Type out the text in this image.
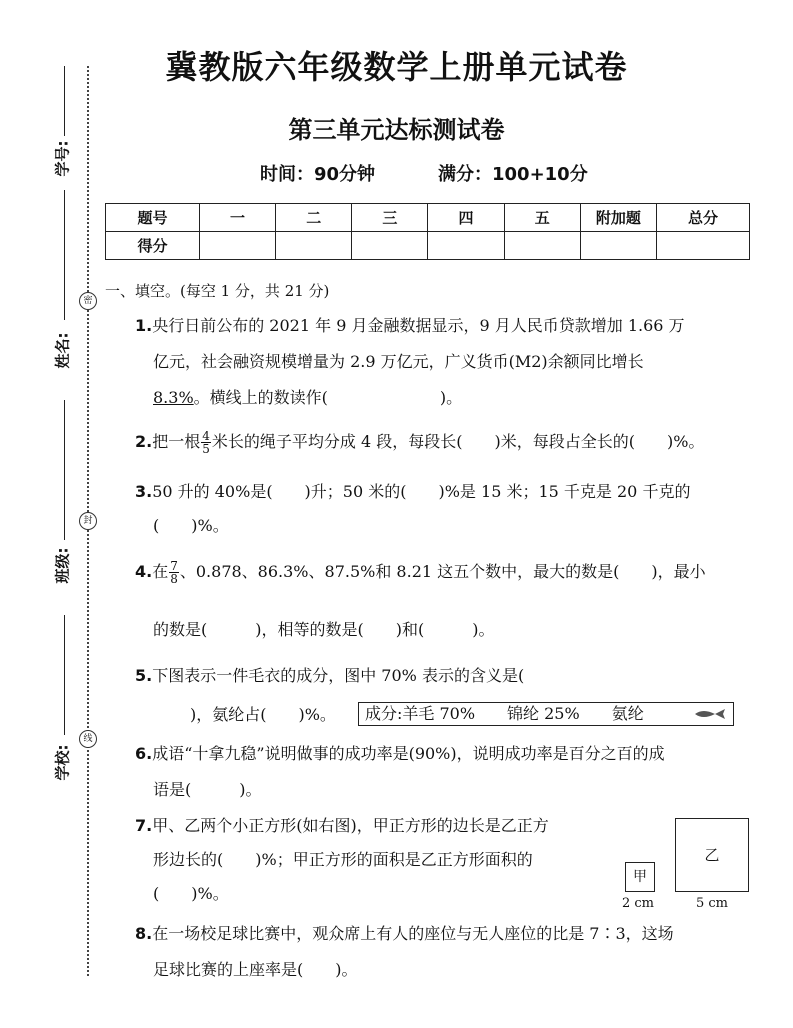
学号:
密
姓名:
封
班级:
线
学校:
冀教版六年级数学上册单元试卷
第三单元达标测试卷
时间：90分钟	满分：100+10分
题号	一	二	三	四	五	附加题	总分
得分							
一、填空。(每空 1 分，共 21 分)
1.央行日前公布的 2021 年 9 月金融数据显示，9 月人民币贷款增加 1.66 万
亿元，社会融资规模增量为 2.9 万亿元，广义货币(M2)余额同比增长
8.3%。横线上的数读作(　　　　　　　)。
2.把一根 $\frac{4}{5}$ 米长的绳子平均分成 4 段，每段长(　　)米，每段占全长的(　　)%。
3.50 升的 40%是(　　)升；50 米的(　　)%是 15 米；15 千克是 20 千克的
(　　)%。
4.在 $\frac{7}{8}$ 、0.878、86.3%、87.5%和 8.21 这五个数中，最大的数是(　　)，最小
的数是(　　　)，相等的数是(　　)和(　　　)。
5.下图表示一件毛衣的成分，图中 70% 表示的含义是(
)，氨纶占(　　)%。	成分:羊毛 70%　　锦纶 25%　　氨纶
6.成语“十拿九稳”说明做事的成功率是(90%)，说明成功率是百分之百的成
语是(　　　)。
7.甲、乙两个小正方形(如右图)，甲正方形的边长是乙正方
形边长的(　　)%；甲正方形的面积是乙正方形面积的
(　　)%。
甲
2 cm
乙
5 cm
8.在一场校足球比赛中，观众席上有人的座位与无人座位的比是 7∶3，这场
足球比赛的上座率是(　　)。
